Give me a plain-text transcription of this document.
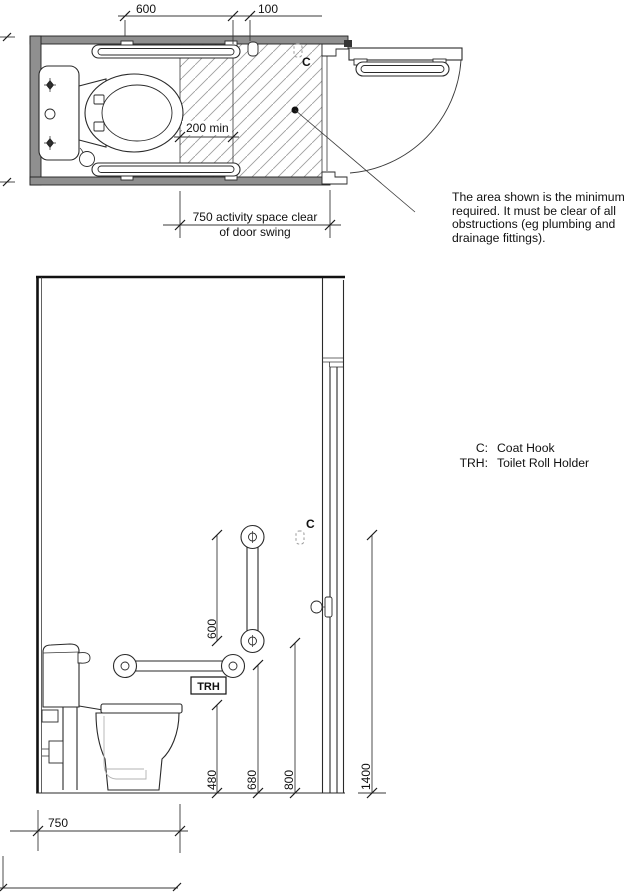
C
600	100
200 min
750 activity space clear
of door swing
TRH
C
600
480 680 800	1400
750
The area shown is the minimum
required. It must be clear of all
obstructions (eg plumbing and
drainage fittings).
C: Coat Hook
TRH: Toilet Roll Holder
